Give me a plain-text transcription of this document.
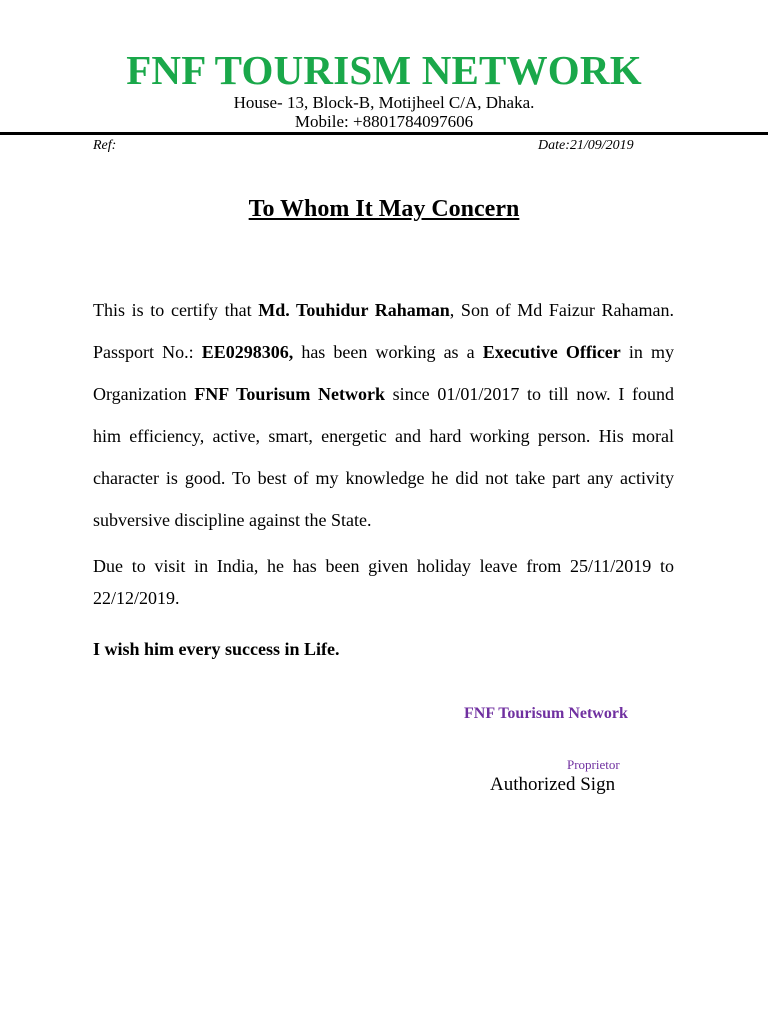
FNF TOURISM NETWORK
House- 13, Block-B, Motijheel C/A, Dhaka.
Mobile: +8801784097606
Ref:	Date:21/09/2019
To Whom It May Concern
This is to certify that Md. Touhidur Rahaman, Son of Md Faizur Rahaman. Passport No.: EE0298306, has been working as a Executive Officer in my Organization FNF Tourisum Network since 01/01/2017 to till now. I found him efficiency, active, smart, energetic and hard working person. His moral character is good. To best of my knowledge he did not take part any activity subversive discipline against the State.
Due to visit in India, he has been given holiday leave from 25/11/2019 to 22/12/2019.
I wish him every success in Life.
FNF Tourisum Network
Proprietor
Authorized Sign
